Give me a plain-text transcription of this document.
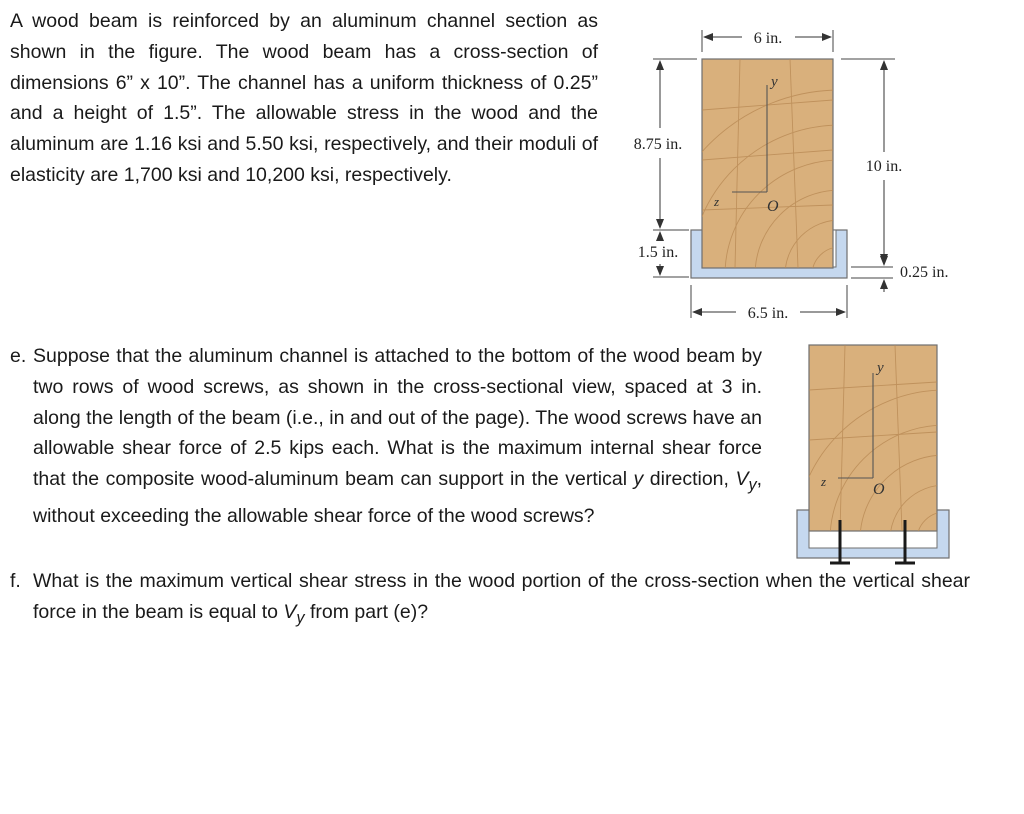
A wood beam is reinforced by an aluminum channel section as shown in the figure. The wood beam has a cross-section of dimensions 6” x 10”. The channel has a uniform thickness of 0.25” and a height of 1.5”. The allowable stress in the wood and the aluminum are 1.16 ksi and 5.50 ksi, respectively, and their moduli of elasticity are 1,700 ksi and 10,200 ksi, respectively.

e. Suppose that the aluminum channel is attached to the bottom of the wood beam by two rows of wood screws, as shown in the cross-sectional view, spaced at 3 in. along the length of the beam (i.e., in and out of the page). The wood screws have an allowable shear force of 2.5 kips each. What is the maximum internal shear force that the composite wood-aluminum beam can support in the vertical y direction, $V_y$, without exceeding the allowable shear force of the wood screws?
f. What is the maximum vertical shear stress in the wood portion of the cross-section when the vertical shear force in the beam is equal to $V_y$ from part (e)?
y
z	O
6 in.
8.75 in.
1.5 in.
10 in.
0.25 in.
6.5 in.
y
z	O
